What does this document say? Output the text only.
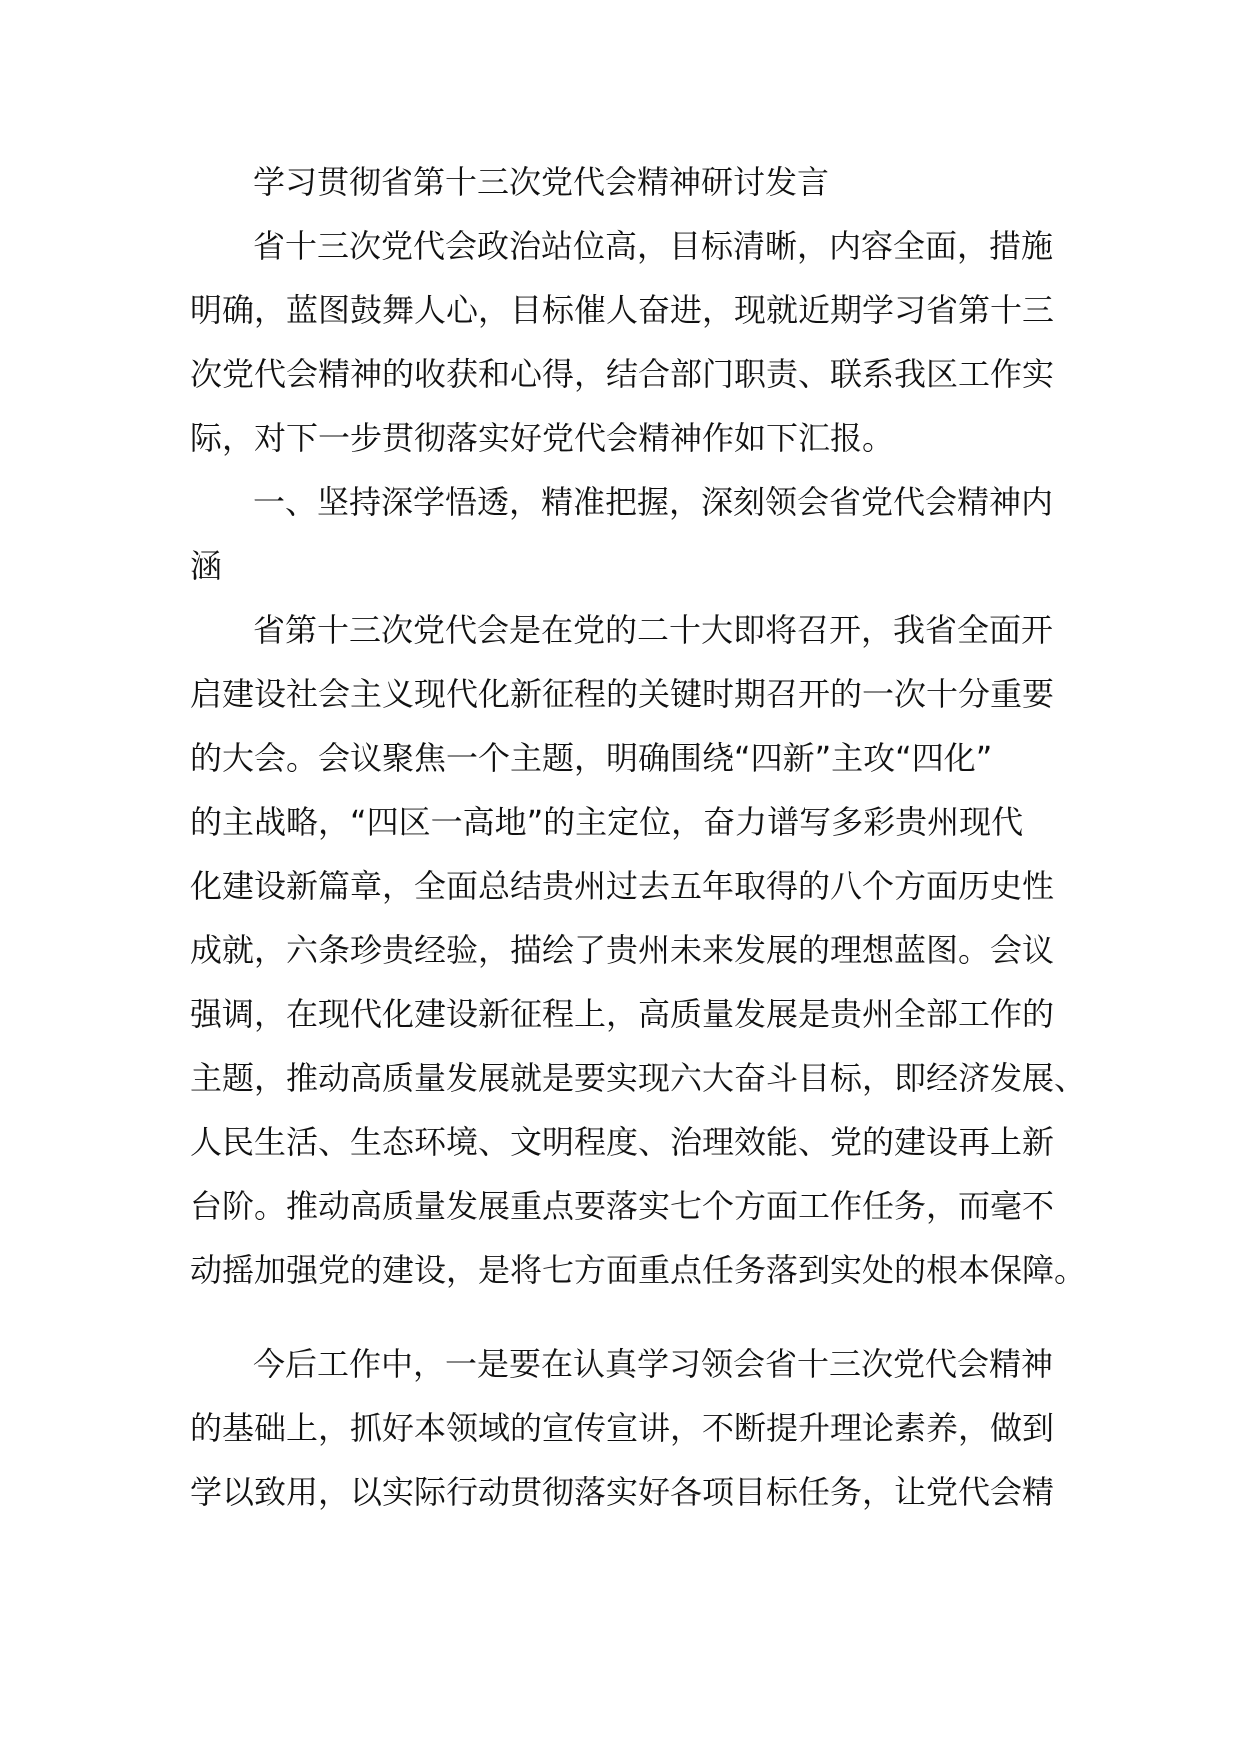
学习贯彻省第十三次党代会精神研讨发言
省十三次党代会政治站位高，目标清晰，内容全面，措施
明确，蓝图鼓舞人心，目标催人奋进，现就近期学习省第十三
次党代会精神的收获和心得，结合部门职责、联系我区工作实
际，对下一步贯彻落实好党代会精神作如下汇报。
一、坚持深学悟透，精准把握，深刻领会省党代会精神内
涵
省第十三次党代会是在党的二十大即将召开，我省全面开
启建设社会主义现代化新征程的关键时期召开的一次十分重要
的大会。会议聚焦一个主题，明确围绕“四新”主攻“四化”
的主战略，“四区一高地”的主定位，奋力谱写多彩贵州现代
化建设新篇章，全面总结贵州过去五年取得的八个方面历史性
成就，六条珍贵经验，描绘了贵州未来发展的理想蓝图。会议
强调，在现代化建设新征程上，高质量发展是贵州全部工作的
主题，推动高质量发展就是要实现六大奋斗目标，即经济发展、
人民生活、生态环境、文明程度、治理效能、党的建设再上新
台阶。推动高质量发展重点要落实七个方面工作任务，而毫不
动摇加强党的建设，是将七方面重点任务落到实处的根本保障。
今后工作中，一是要在认真学习领会省十三次党代会精神
的基础上，抓好本领域的宣传宣讲，不断提升理论素养，做到
学以致用，以实际行动贯彻落实好各项目标任务，让党代会精
